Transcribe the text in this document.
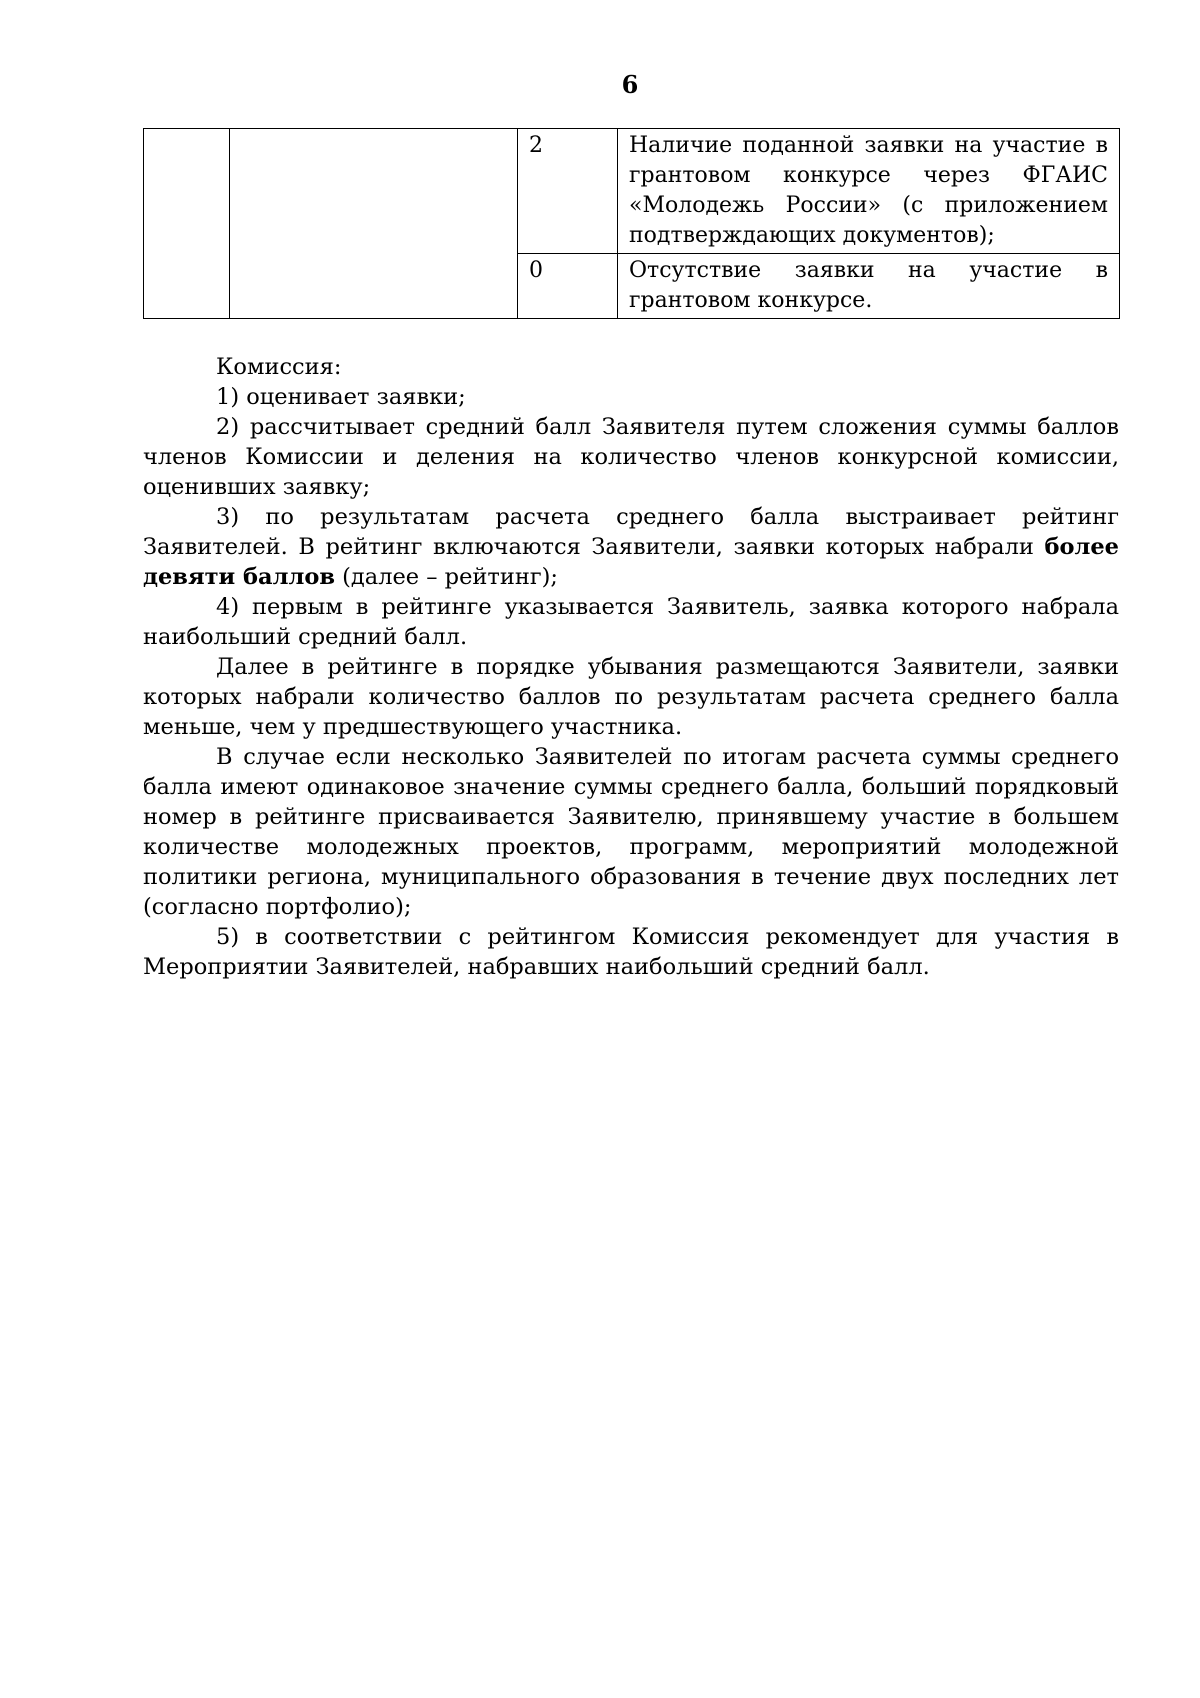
6
		2	Наличие поданной заявки на участие в грантовом конкурсе через ФГАИС «Молодежь России» (с приложением подтверждающих документов);
		0	Отсутствие заявки на участие в грантовом конкурсе.

Комиссия:

1) оценивает заявки;

2) рассчитывает средний балл Заявителя путем сложения суммы баллов членов Комиссии и деления на количество членов конкурсной комиссии, оценивших заявку;

3) по результатам расчета среднего балла выстраивает рейтинг Заявителей. В рейтинг включаются Заявители, заявки которых набрали более девяти баллов (далее – рейтинг);

4) первым в рейтинге указывается Заявитель, заявка которого набрала наибольший средний балл.

Далее в рейтинге в порядке убывания размещаются Заявители, заявки которых набрали количество баллов по результатам расчета среднего балла меньше, чем у предшествующего участника.

В случае если несколько Заявителей по итогам расчета суммы среднего балла имеют одинаковое значение суммы среднего балла, больший порядковый номер в рейтинге присваивается Заявителю, принявшему участие в большем количестве молодежных проектов, программ, мероприятий молодежной политики региона, муниципального образования в течение двух последних лет (согласно портфолио);

5) в соответствии с рейтингом Комиссия рекомендует для участия в Мероприятии Заявителей, набравших наибольший средний балл.
